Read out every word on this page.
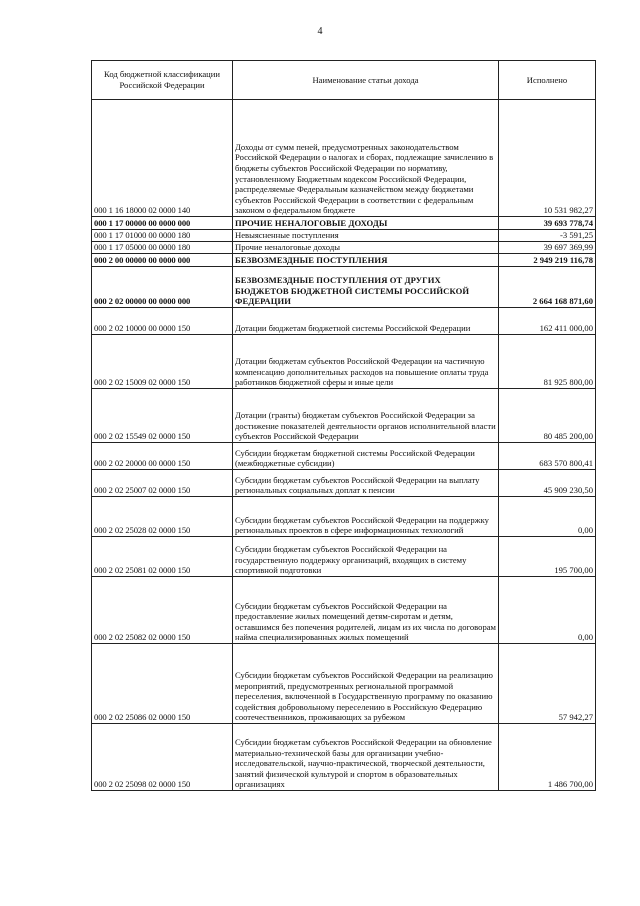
4
Код бюджетной классификации Российской Федерации	Наименование статьи дохода	Исполнено
000 1 16 18000 02 0000 140	Доходы от сумм пеней, предусмотренных законодательством Российской Федерации о налогах и сборах, подлежащие зачислению в бюджеты субъектов Российской Федерации по нормативу, установленному Бюджетным кодексом Российской Федерации, распределяемые Федеральным казначейством между бюджетами субъектов Российской Федерации в соответствии с федеральным законом о федеральном бюджете	10 531 982,27
000 1 17 00000 00 0000 000	ПРОЧИЕ НЕНАЛОГОВЫЕ ДОХОДЫ	39 693 778,74
000 1 17 01000 00 0000 180	Невыясненные поступления	-3 591,25
000 1 17 05000 00 0000 180	Прочие неналоговые доходы	39 697 369,99
000 2 00 00000 00 0000 000	БЕЗВОЗМЕЗДНЫЕ ПОСТУПЛЕНИЯ	2 949 219 116,78
000 2 02 00000 00 0000 000	БЕЗВОЗМЕЗДНЫЕ ПОСТУПЛЕНИЯ ОТ ДРУГИХ БЮДЖЕТОВ БЮДЖЕТНОЙ СИСТЕМЫ РОССИЙСКОЙ ФЕДЕРАЦИИ	2 664 168 871,60
000 2 02 10000 00 0000 150	Дотации бюджетам бюджетной системы Российской Федерации	162 411 000,00
000 2 02 15009 02 0000 150	Дотации бюджетам субъектов Российской Федерации на частичную компенсацию дополнительных расходов на повышение оплаты труда работников бюджетной сферы и иные цели	81 925 800,00
000 2 02 15549 02 0000 150	Дотации (гранты) бюджетам субъектов Российской Федерации за достижение показателей деятельности органов исполнительной власти субъектов Российской Федерации	80 485 200,00
000 2 02 20000 00 0000 150	Субсидии бюджетам бюджетной системы Российской Федерации (межбюджетные субсидии)	683 570 800,41
000 2 02 25007 02 0000 150	Субсидии бюджетам субъектов Российской Федерации на выплату региональных социальных доплат к пенсии	45 909 230,50
000 2 02 25028 02 0000 150	Субсидии бюджетам субъектов Российской Федерации на поддержку региональных проектов в сфере информационных технологий	0,00
000 2 02 25081 02 0000 150	Субсидии бюджетам субъектов Российской Федерации на государственную поддержку организаций, входящих в систему спортивной подготовки	195 700,00
000 2 02 25082 02 0000 150	Субсидии бюджетам субъектов Российской Федерации на предоставление жилых помещений детям-сиротам и детям, оставшимся без попечения родителей, лицам из их числа по договорам найма специализированных жилых помещений	0,00
000 2 02 25086 02 0000 150	Субсидии бюджетам субъектов Российской Федерации на реализацию мероприятий, предусмотренных региональной программой переселения, включенной в Государственную программу по оказанию содействия добровольному переселению в Российскую Федерацию соотечественников, проживающих за рубежом	57 942,27
000 2 02 25098 02 0000 150	Субсидии бюджетам субъектов Российской Федерации на обновление материально-технической базы для организации учебно-исследовательской, научно-практической, творческой деятельности, занятий физической культурой и спортом в образовательных организациях	1 486 700,00
